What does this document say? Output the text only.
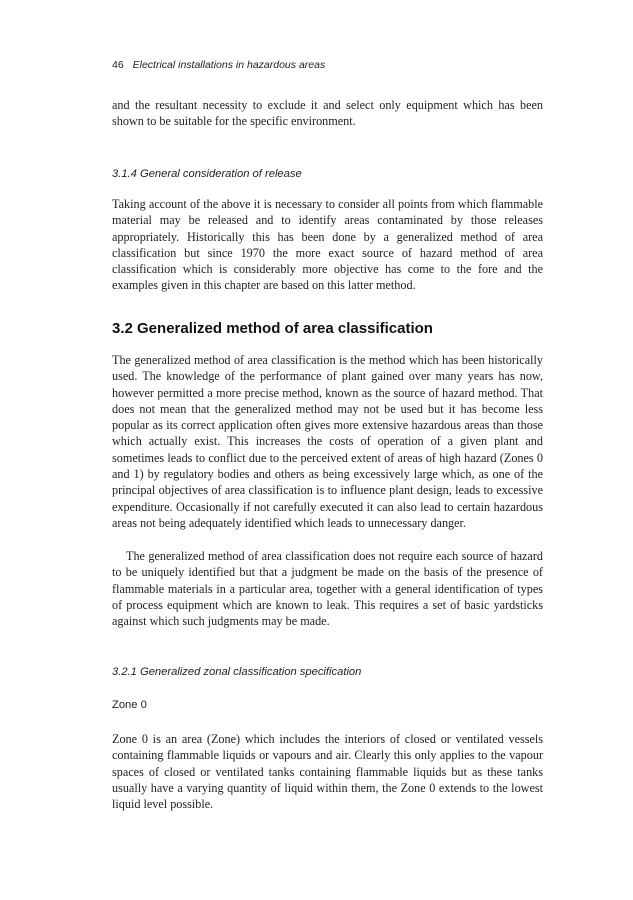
46 Electrical installations in hazardous areas

and the resultant necessity to exclude it and select only equipment which has been shown to be suitable for the specific environment.

3.1.4 General consideration of release

Taking account of the above it is necessary to consider all points from which flammable material may be released and to identify areas contaminated by those releases appropriately. Historically this has been done by a generalized method of area classification but since 1970 the more exact source of hazard method of area classification which is considerably more objective has come to the fore and the examples given in this chapter are based on this latter method.

3.2 Generalized method of area classification

The generalized method of area classification is the method which has been historically used. The knowledge of the performance of plant gained over many years has now, however permitted a more precise method, known as the source of hazard method. That does not mean that the generalized method may not be used but it has become less popular as its correct application often gives more extensive hazardous areas than those which actually exist. This increases the costs of operation of a given plant and sometimes leads to conflict due to the perceived extent of areas of high hazard (Zones 0 and 1) by regulatory bodies and others as being excessively large which, as one of the principal objectives of area classification is to influence plant design, leads to excessive expenditure. Occasionally if not carefully executed it can also lead to certain hazardous areas not being adequately identified which leads to unnecessary danger.

The generalized method of area classification does not require each source of hazard to be uniquely identified but that a judgment be made on the basis of the presence of flammable materials in a particular area, together with a general identification of types of process equipment which are known to leak. This requires a set of basic yardsticks against which such judgments may be made.

3.2.1 Generalized zonal classification specification

Zone 0

Zone 0 is an area (Zone) which includes the interiors of closed or ventilated vessels containing flammable liquids or vapours and air. Clearly this only applies to the vapour spaces of closed or ventilated tanks containing flammable liquids but as these tanks usually have a varying quantity of liquid within them, the Zone 0 extends to the lowest liquid level possible.
